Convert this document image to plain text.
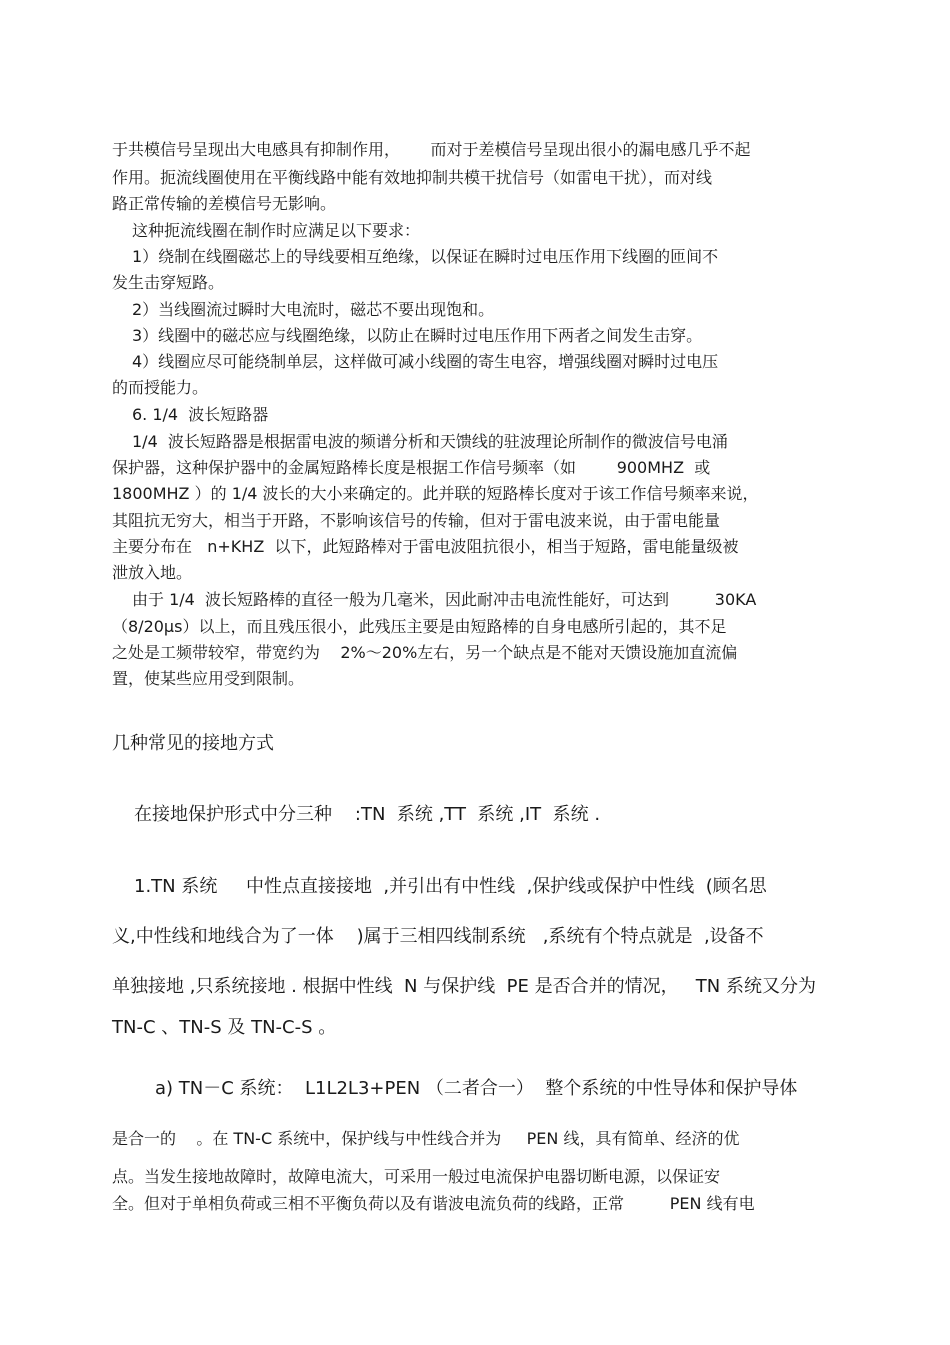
于共模信号呈现出大电感具有抑制作用，      而对于差模信号呈现出很小的漏电感几乎不起
作用。扼流线圈使用在平衡线路中能有效地抑制共模干扰信号（如雷电干扰），而对线
路正常传输的差模信号无影响。
这种扼流线圈在制作时应满足以下要求：
1）绕制在线圈磁芯上的导线要相互绝缘，以保证在瞬时过电压作用下线圈的匝间不
发生击穿短路。
2）当线圈流过瞬时大电流时，磁芯不要出现饱和。
3）线圈中的磁芯应与线圈绝缘，以防止在瞬时过电压作用下两者之间发生击穿。
4）线圈应尽可能绕制单层，这样做可减小线圈的寄生电容，增强线圈对瞬时过电压
的而授能力。
6. 1/4  波长短路器
1/4  波长短路器是根据雷电波的频谱分析和天馈线的驻波理论所制作的微波信号电涌
保护器，这种保护器中的金属短路棒长度是根据工作信号频率（如        900MHZ  或
1800MHZ ）的 1/4 波长的大小来确定的。此并联的短路棒长度对于该工作信号频率来说，
其阻抗无穷大，相当于开路，不影响该信号的传输，但对于雷电波来说，由于雷电能量
主要分布在   n+KHZ  以下，此短路棒对于雷电波阻抗很小，相当于短路，雷电能量级被
泄放入地。
由于 1/4  波长短路棒的直径一般为几毫米，因此耐冲击电流性能好，可达到         30KA
（8/20μs）以上，而且残压很小，此残压主要是由短路棒的自身电感所引起的，其不足
之处是工频带较窄，带宽约为    2%～20%左右，另一个缺点是不能对天馈设施加直流偏
置，使某些应用受到限制。
几种常见的接地方式
在接地保护形式中分三种    :TN  系统 ,TT  系统 ,IT  系统 .
1.TN 系统     中性点直接接地  ,并引出有中性线  ,保护线或保护中性线  (顾名思
义,中性线和地线合为了一体    )属于三相四线制系统   ,系统有个特点就是  ,设备不
单独接地 ,只系统接地 . 根据中性线  N 与保护线  PE 是否合并的情况，   TN 系统又分为
TN-C 、TN-S 及 TN-C-S 。
a) TN－C 系统：  L1L2L3+PEN （二者合一）  整个系统的中性导体和保护导体
是合一的    。在 TN-C 系统中，保护线与中性线合并为     PEN 线，具有简单、经济的优
点。当发生接地故障时，故障电流大，可采用一般过电流保护电器切断电源，以保证安
全。但对于单相负荷或三相不平衡负荷以及有谐波电流负荷的线路，正常         PEN 线有电
